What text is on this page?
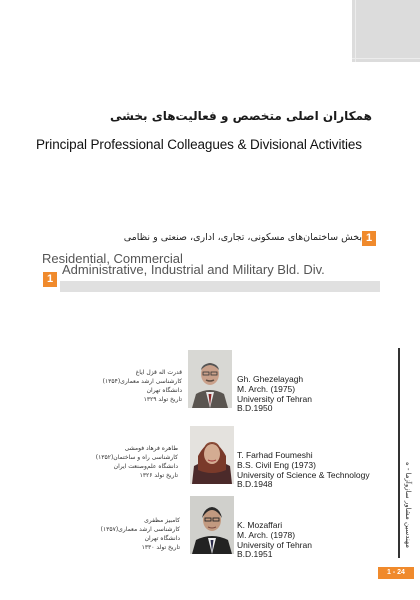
همکاران اصلی متخصص و فعالیت‌های بخشی
Principal Professional Colleagues & Divisional Activities
بخش ساختمان‌های مسکونی، تجاری، اداری، صنعتی و نظامی 1
Residential, Commercial
Administrative, Industrial and Military Bld. Div.
1
مهندسین مشاور سازوآزما - ه
1 - 24
Gh. Ghezelayagh
M. Arch. (1975)
University of Tehran
B.D.1950
قدرت اله قزل ایاغ
کارشناسی ارشد معماری(۱۳۵۴)
دانشگاه تهران
تاریخ تولد ۱۳۲۹
T. Farhad Foumeshi
B.S. Civil Eng (1973)
University of Science & Technology
B.D.1948
طاهره فرهاد فومشی
کارشناسی راه و ساختمان(۱۳۵۲)
دانشگاه علم‌وصنعت ایران
تاریخ تولد ۱۳۲۶
K. Mozaffari
M. Arch. (1978)
University of Tehran
B.D.1951
کامبیز مظفری
کارشناسی ارشد معماری(۱۳۵۷)
دانشگاه تهران
تاریخ تولد ۱۳۳۰
